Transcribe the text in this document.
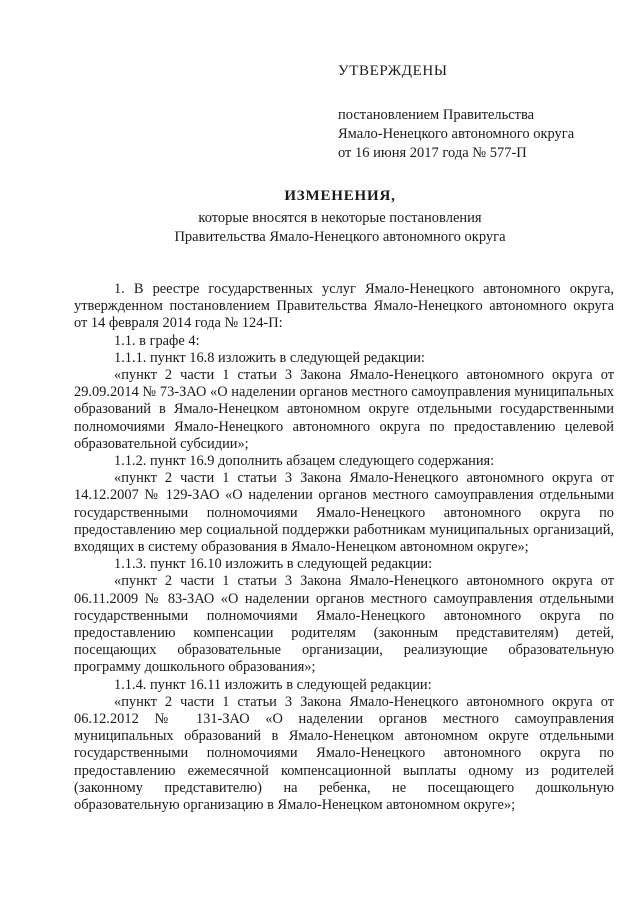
УТВЕРЖДЕНЫ
постановлением Правительства
Ямало-Ненецкого автономного округа
от 16 июня 2017 года № 577-П
ИЗМЕНЕНИЯ,
которые вносятся в некоторые постановления
Правительства Ямало-Ненецкого автономного округа

1. В реестре государственных услуг Ямало-Ненецкого автономного округа, утвержденном постановлением Правительства Ямало-Ненецкого автономного округа от 14 февраля 2014 года № 124-П:

1.1. в графе 4:

1.1.1. пункт 16.8 изложить в следующей редакции:

«пункт 2 части 1 статьи 3 Закона Ямало-Ненецкого автономного округа от 29.09.2014 № 73-ЗАО «О наделении органов местного самоуправления муниципальных образований в Ямало-Ненецком автономном округе отдельными государственными полномочиями Ямало-Ненецкого автономного округа по предоставлению целевой образовательной субсидии»;

1.1.2. пункт 16.9 дополнить абзацем следующего содержания:

«пункт 2 части 1 статьи 3 Закона Ямало-Ненецкого автономного округа от 14.12.2007 № 129-ЗАО «О наделении органов местного самоуправления отдельными государственными полномочиями Ямало-Ненецкого автономного округа по предоставлению мер социальной поддержки работникам муниципальных организаций, входящих в систему образования в Ямало-Ненецком автономном округе»;

1.1.3. пункт 16.10 изложить в следующей редакции:

«пункт 2 части 1 статьи 3 Закона Ямало-Ненецкого автономного округа от 06.11.2009 № 83-ЗАО «О наделении органов местного самоуправления отдельными государственными полномочиями Ямало-Ненецкого автономного округа по предоставлению компенсации родителям (законным представителям) детей, посещающих образовательные организации, реализующие образовательную программу дошкольного образования»;

1.1.4. пункт 16.11 изложить в следующей редакции:

«пункт 2 части 1 статьи 3 Закона Ямало-Ненецкого автономного округа от 06.12.2012 № 131-ЗАО «О наделении органов местного самоуправления муниципальных образований в Ямало-Ненецком автономном округе отдельными государственными полномочиями Ямало-Ненецкого автономного округа по предоставлению ежемесячной компенсационной выплаты одному из родителей (законному представителю) на ребенка, не посещающего дошкольную образовательную организацию в Ямало-Ненецком автономном округе»;
